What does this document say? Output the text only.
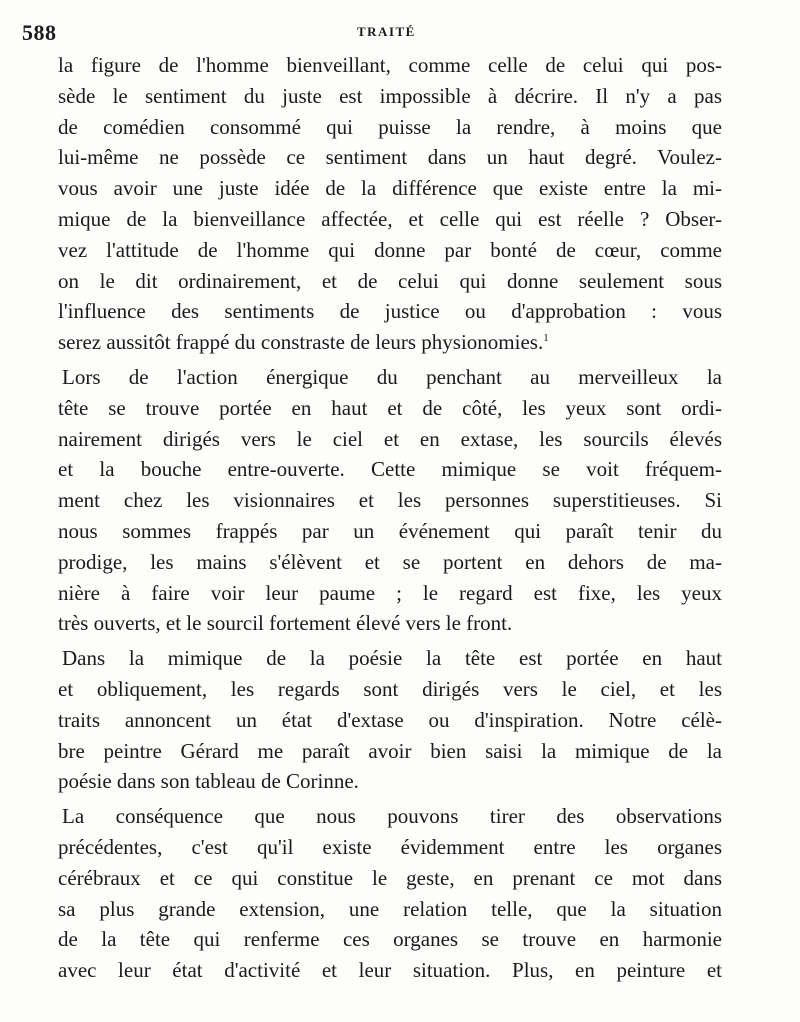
588	TRAITÉ
la figure de l'homme bienveillant, comme celle de celui qui pos-
sède le sentiment du juste est impossible à décrire. Il n'y a pas
de comédien consommé qui puisse la rendre, à moins que
lui-même ne possède ce sentiment dans un haut degré. Voulez-
vous avoir une juste idée de la différence que existe entre la mi-
mique de la bienveillance affectée, et celle qui est réelle ? Obser-
vez l'attitude de l'homme qui donne par bonté de cœur, comme
on le dit ordinairement, et de celui qui donne seulement sous
l'influence des sentiments de justice ou d'approbation : vous
serez aussitôt frappé du constraste de leurs physionomies.$^1$
Lors de l'action énergique du penchant au merveilleux la
tête se trouve portée en haut et de côté, les yeux sont ordi-
nairement dirigés vers le ciel et en extase, les sourcils élevés
et la bouche entre-ouverte. Cette mimique se voit fréquem-
ment chez les visionnaires et les personnes superstitieuses. Si
nous sommes frappés par un événement qui paraît tenir du
prodige, les mains s'élèvent et se portent en dehors de ma-
nière à faire voir leur paume ; le regard est fixe, les yeux
très ouverts, et le sourcil fortement élevé vers le front.
Dans la mimique de la poésie la tête est portée en haut
et obliquement, les regards sont dirigés vers le ciel, et les
traits annoncent un état d'extase ou d'inspiration. Notre célè-
bre peintre Gérard me paraît avoir bien saisi la mimique de la
poésie dans son tableau de Corinne.
La conséquence que nous pouvons tirer des observations
précédentes, c'est qu'il existe évidemment entre les organes
cérébraux et ce qui constitue le geste, en prenant ce mot dans
sa plus grande extension, une relation telle, que la situation
de la tête qui renferme ces organes se trouve en harmonie
avec leur état d'activité et leur situation. Plus, en peinture et
